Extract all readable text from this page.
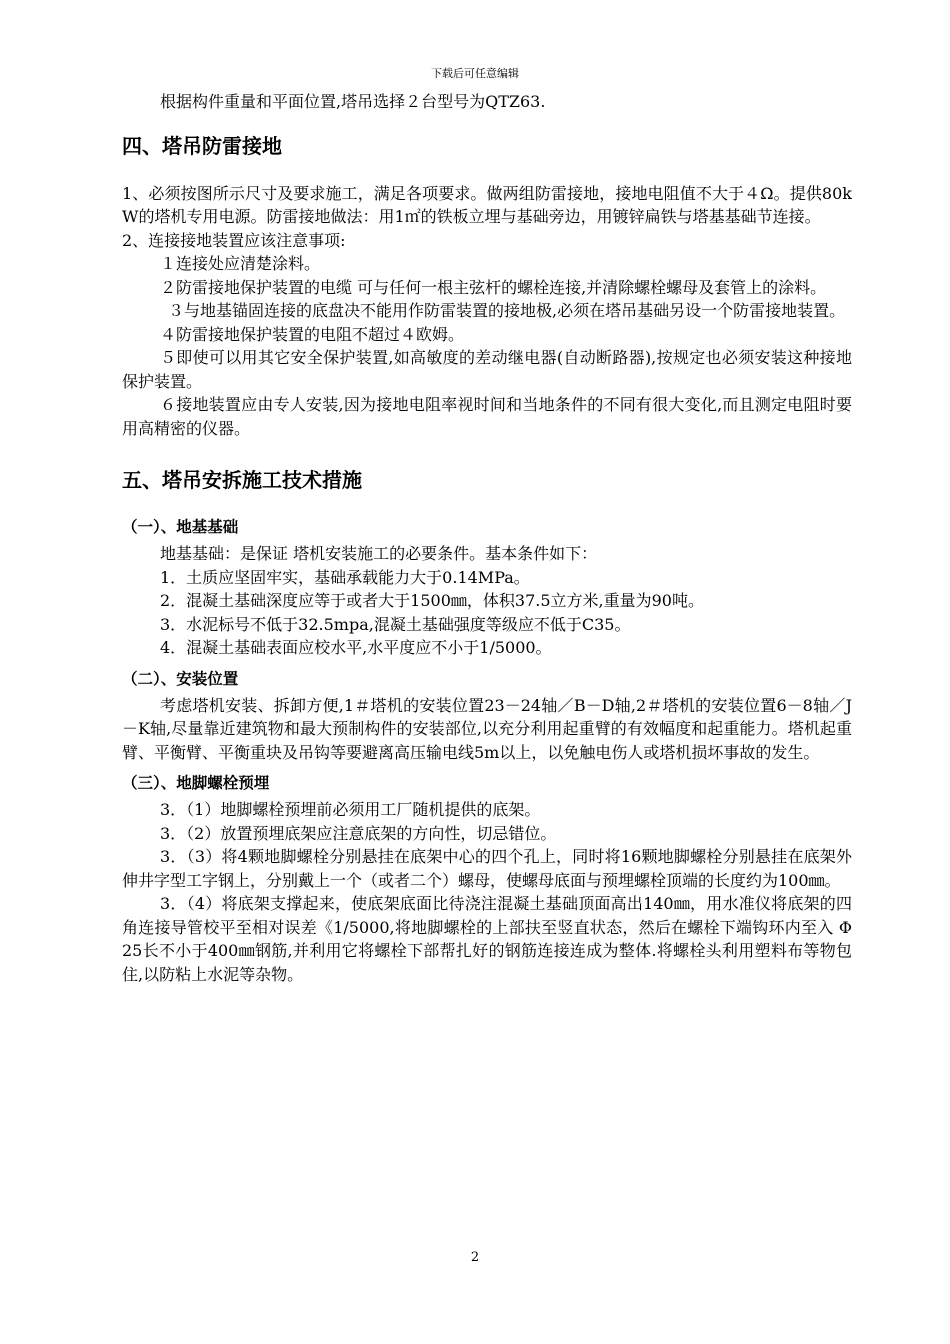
下载后可任意编辑

根据构件重量和平面位置,塔吊选择２台型号为QTZ63.

四、塔吊防雷接地

1、必须按图所示尺寸及要求施工，满足各项要求。做两组防雷接地，接地电阻值不大于４Ω。提供80kW的塔机专用电源。防雷接地做法：用1㎡的铁板立埋与基础旁边，用镀锌扁铁与塔基基础节连接。

2、连接接地装置应该注意事项:

１连接处应清楚涂料。

２防雷接地保护装置的电缆 可与任何一根主弦杆的螺栓连接,并清除螺栓螺母及套管上的涂料。

３与地基锚固连接的底盘决不能用作防雷装置的接地极,必须在塔吊基础另设一个防雷接地装置。

４防雷接地保护装置的电阻不超过４欧姆。

５即使可以用其它安全保护装置,如高敏度的差动继电器(自动断路器),按规定也必须安装这种接地保护装置。

６接地装置应由专人安装,因为接地电阻率视时间和当地条件的不同有很大变化,而且测定电阻时要用高精密的仪器。

五、塔吊安拆施工技术措施
（一）、地基基础

地基基础：是保证 塔机安装施工的必要条件。基本条件如下：

1．土质应坚固牢实，基础承载能力大于0.14MPa。

2．混凝土基础深度应等于或者大于1500㎜，体积37.5立方米,重量为90吨。

3．水泥标号不低于32.5mpa,混凝土基础强度等级应不低于C35。

4．混凝土基础表面应校水平,水平度应不小于1/5000。

（二）、安装位置

考虑塔机安装、拆卸方便,1＃塔机的安装位置23－24轴／B－D轴,2＃塔机的安装位置6－8轴／J－K轴,尽量靠近建筑物和最大预制构件的安装部位,以充分利用起重臂的有效幅度和起重能力。塔机起重臂、平衡臂、平衡重块及吊钩等要避离高压输电线5m以上，以免触电伤人或塔机损坏事故的发生。

（三）、地脚螺栓预埋

3．（1）地脚螺栓预埋前必须用工厂随机提供的底架。

3．（2）放置预埋底架应注意底架的方向性，切忌错位。

3．（3）将4颗地脚螺栓分别悬挂在底架中心的四个孔上，同时将16颗地脚螺栓分别悬挂在底架外伸井字型工字钢上，分别戴上一个（或者二个）螺母，使螺母底面与预埋螺栓顶端的长度约为100㎜。

3．（4）将底架支撑起来，使底架底面比待浇注混凝土基础顶面高出140㎜，用水准仪将底架的四角连接导管校平至相对误差《1/5000,将地脚螺栓的上部扶至竖直状态，然后在螺栓下端钩环内至入 Φ 25长不小于400㎜钢筋,并利用它将螺栓下部帮扎好的钢筋连接连成为整体.将螺栓头利用塑料布等物包住,以防粘上水泥等杂物。

2
